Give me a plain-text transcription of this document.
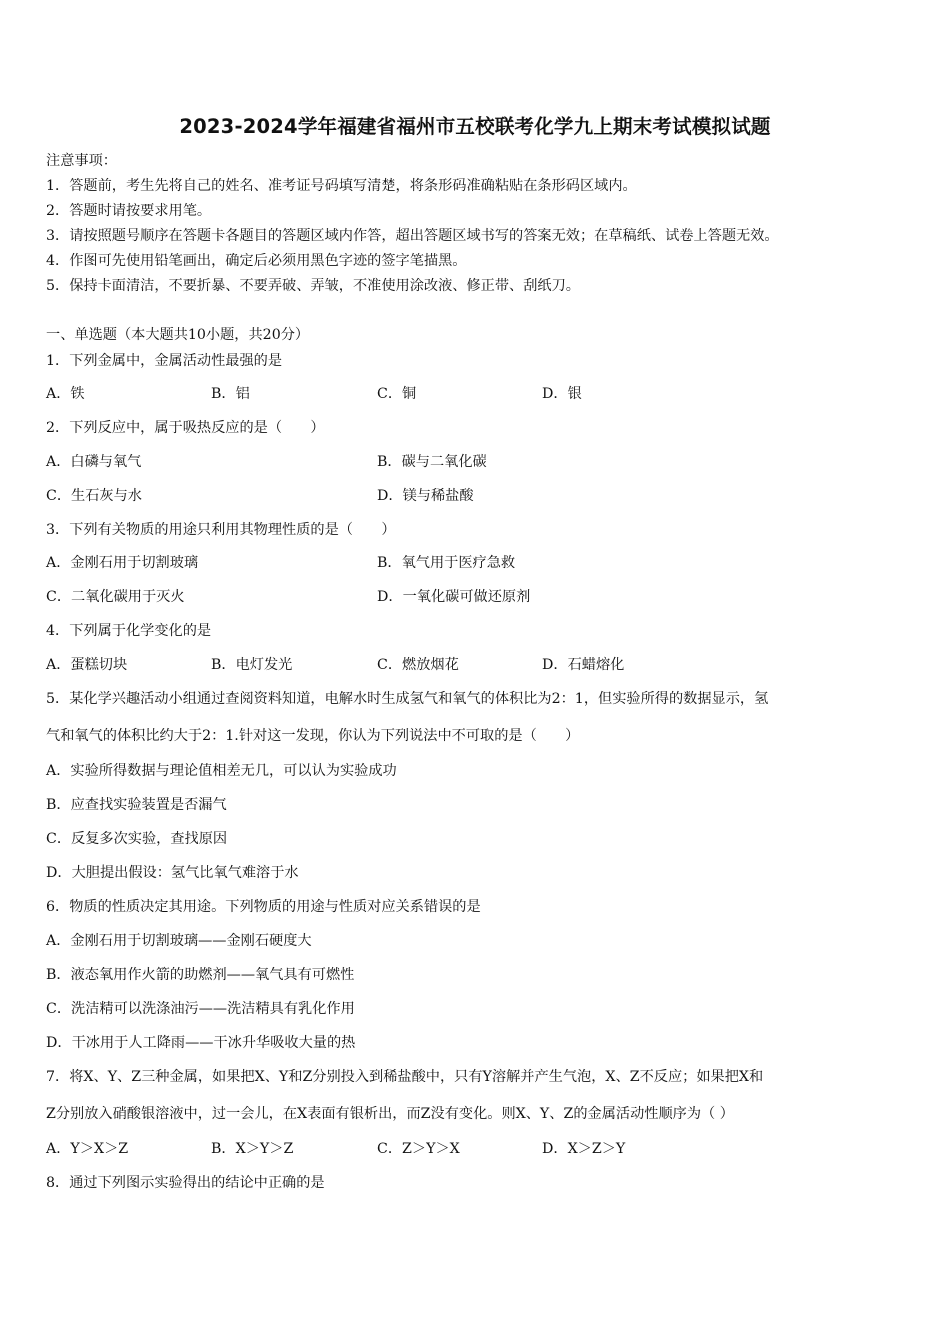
2023-2024学年福建省福州市五校联考化学九上期末考试模拟试题
注意事项：
1．答题前，考生先将自己的姓名、准考证号码填写清楚，将条形码准确粘贴在条形码区域内。
2．答题时请按要求用笔。
3．请按照题号顺序在答题卡各题目的答题区域内作答，超出答题区域书写的答案无效；在草稿纸、试卷上答题无效。
4．作图可先使用铅笔画出，确定后必须用黑色字迹的签字笔描黑。
5．保持卡面清洁，不要折暴、不要弄破、弄皱，不准使用涂改液、修正带、刮纸刀。
一、单选题（本大题共10小题，共20分）
1．下列金属中，金属活动性最强的是
A．铁	B．铝	C．铜	D．银
2．下列反应中，属于吸热反应的是（　　）
A．白磷与氧气	B．碳与二氧化碳
C．生石灰与水	D．镁与稀盐酸
3．下列有关物质的用途只利用其物理性质的是（　　）
A．金刚石用于切割玻璃	B．氧气用于医疗急救
C．二氧化碳用于灭火	D．一氧化碳可做还原剂
4．下列属于化学变化的是
A．蛋糕切块	B．电灯发光	C．燃放烟花	D．石蜡熔化
5．某化学兴趣活动小组通过查阅资料知道，电解水时生成氢气和氧气的体积比为2：1，但实验所得的数据显示，氢
气和氧气的体积比约大于2：1.针对这一发现，你认为下列说法中不可取的是（　　）
A．实验所得数据与理论值相差无几，可以认为实验成功
B．应查找实验装置是否漏气
C．反复多次实验，查找原因
D．大胆提出假设：氢气比氧气难溶于水
6．物质的性质决定其用途。下列物质的用途与性质对应关系错误的是
A．金刚石用于切割玻璃——金刚石硬度大
B．液态氧用作火箭的助燃剂——氧气具有可燃性
C．洗洁精可以洗涤油污——洗洁精具有乳化作用
D．干冰用于人工降雨——干冰升华吸收大量的热
7．将X、Y、Z三种金属，如果把X、Y和Z分别投入到稀盐酸中，只有Y溶解并产生气泡，X、Z不反应；如果把X和
Z分别放入硝酸银溶液中，过一会儿，在X表面有银析出，而Z没有变化。则X、Y、Z的金属活动性顺序为（ ）
A．Y＞X＞Z	B．X＞Y＞Z	C．Z＞Y＞X	D．X＞Z＞Y
8．通过下列图示实验得出的结论中正确的是
